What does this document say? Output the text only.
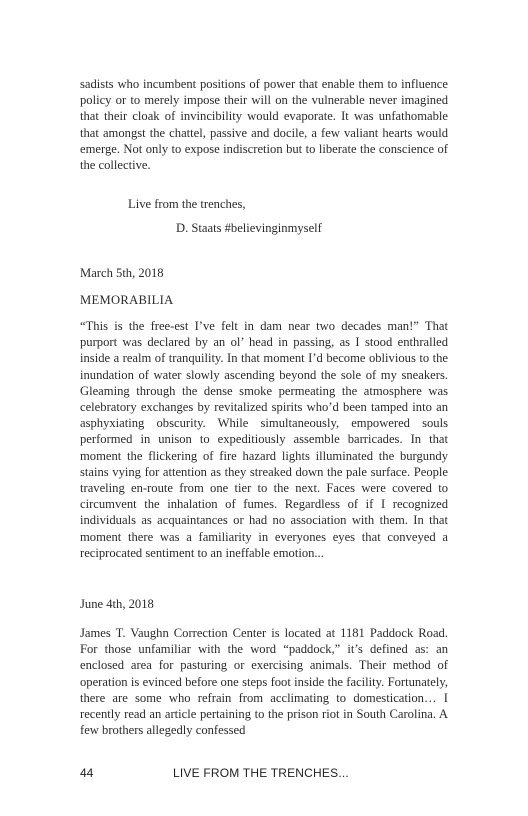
sadists who incumbent positions of power that enable them to influence policy or to merely impose their will on the vulnerable never imagined that their cloak of invincibility would evaporate. It was unfathomable that amongst the chattel, passive and docile, a few valiant hearts would emerge. Not only to expose indiscretion but to liberate the conscience of the collective.

Live from the trenches,
D. Staats #believinginmyself
March 5th, 2018
MEMORABILIA

“This is the free-est I’ve felt in dam near two decades man!” That purport was declared by an ol’ head in passing, as I stood enthralled inside a realm of tranquility. In that moment I’d become oblivious to the inundation of water slowly ascending beyond the sole of my sneakers. Gleaming through the dense smoke permeating the atmosphere was celebratory exchanges by revitalized spirits who’d been tamped into an asphyxiating obscurity. While simultaneously, empowered souls performed in unison to expeditiously assemble barricades. In that moment the flickering of fire hazard lights illuminated the burgundy stains vying for attention as they streaked down the pale surface. People traveling en-route from one tier to the next. Faces were covered to circumvent the inhalation of fumes. Regardless of if I recognized individuals as acquaintances or had no association with them. In that moment there was a familiarity in everyones eyes that conveyed a reciprocated sentiment to an ineffable emotion...

June 4th, 2018

James T. Vaughn Correction Center is located at 1181 Paddock Road. For those unfamiliar with the word “paddock,” it’s defined as: an enclosed area for pasturing or exercising animals. Their method of operation is evinced before one steps foot inside the facility. Fortunately, there are some who refrain from acclimating to domestication… I recently read an article pertaining to the prison riot in South Carolina. A few brothers allegedly confessed

44	LIVE FROM THE TRENCHES...
